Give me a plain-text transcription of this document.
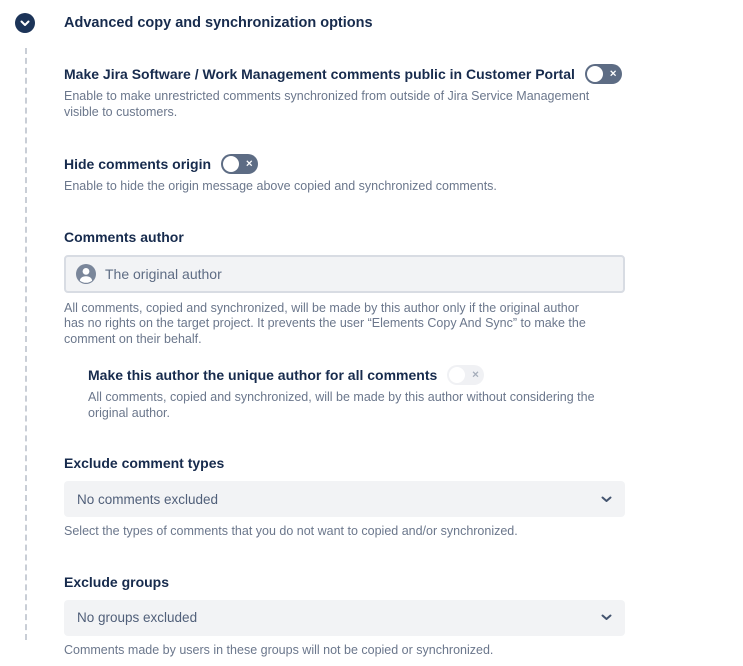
Advanced copy and synchronization options
Make Jira Software / Work Management comments public in Customer Portal	✕
Enable to make unrestricted comments synchronized from outside of Jira Service Management visible to customers.
Hide comments origin	✕
Enable to hide the origin message above copied and synchronized comments.
Comments author
The original author
All comments, copied and synchronized, will be made by this author only if the original author has no rights on the target project. It prevents the user “Elements Copy And Sync” to make the comment on their behalf.
Make this author the unique author for all comments	✕
All comments, copied and synchronized, will be made by this author without considering the original author.
Exclude comment types
No comments excluded
Select the types of comments that you do not want to copied and/or synchronized.
Exclude groups
No groups excluded
Comments made by users in these groups will not be copied or synchronized.
